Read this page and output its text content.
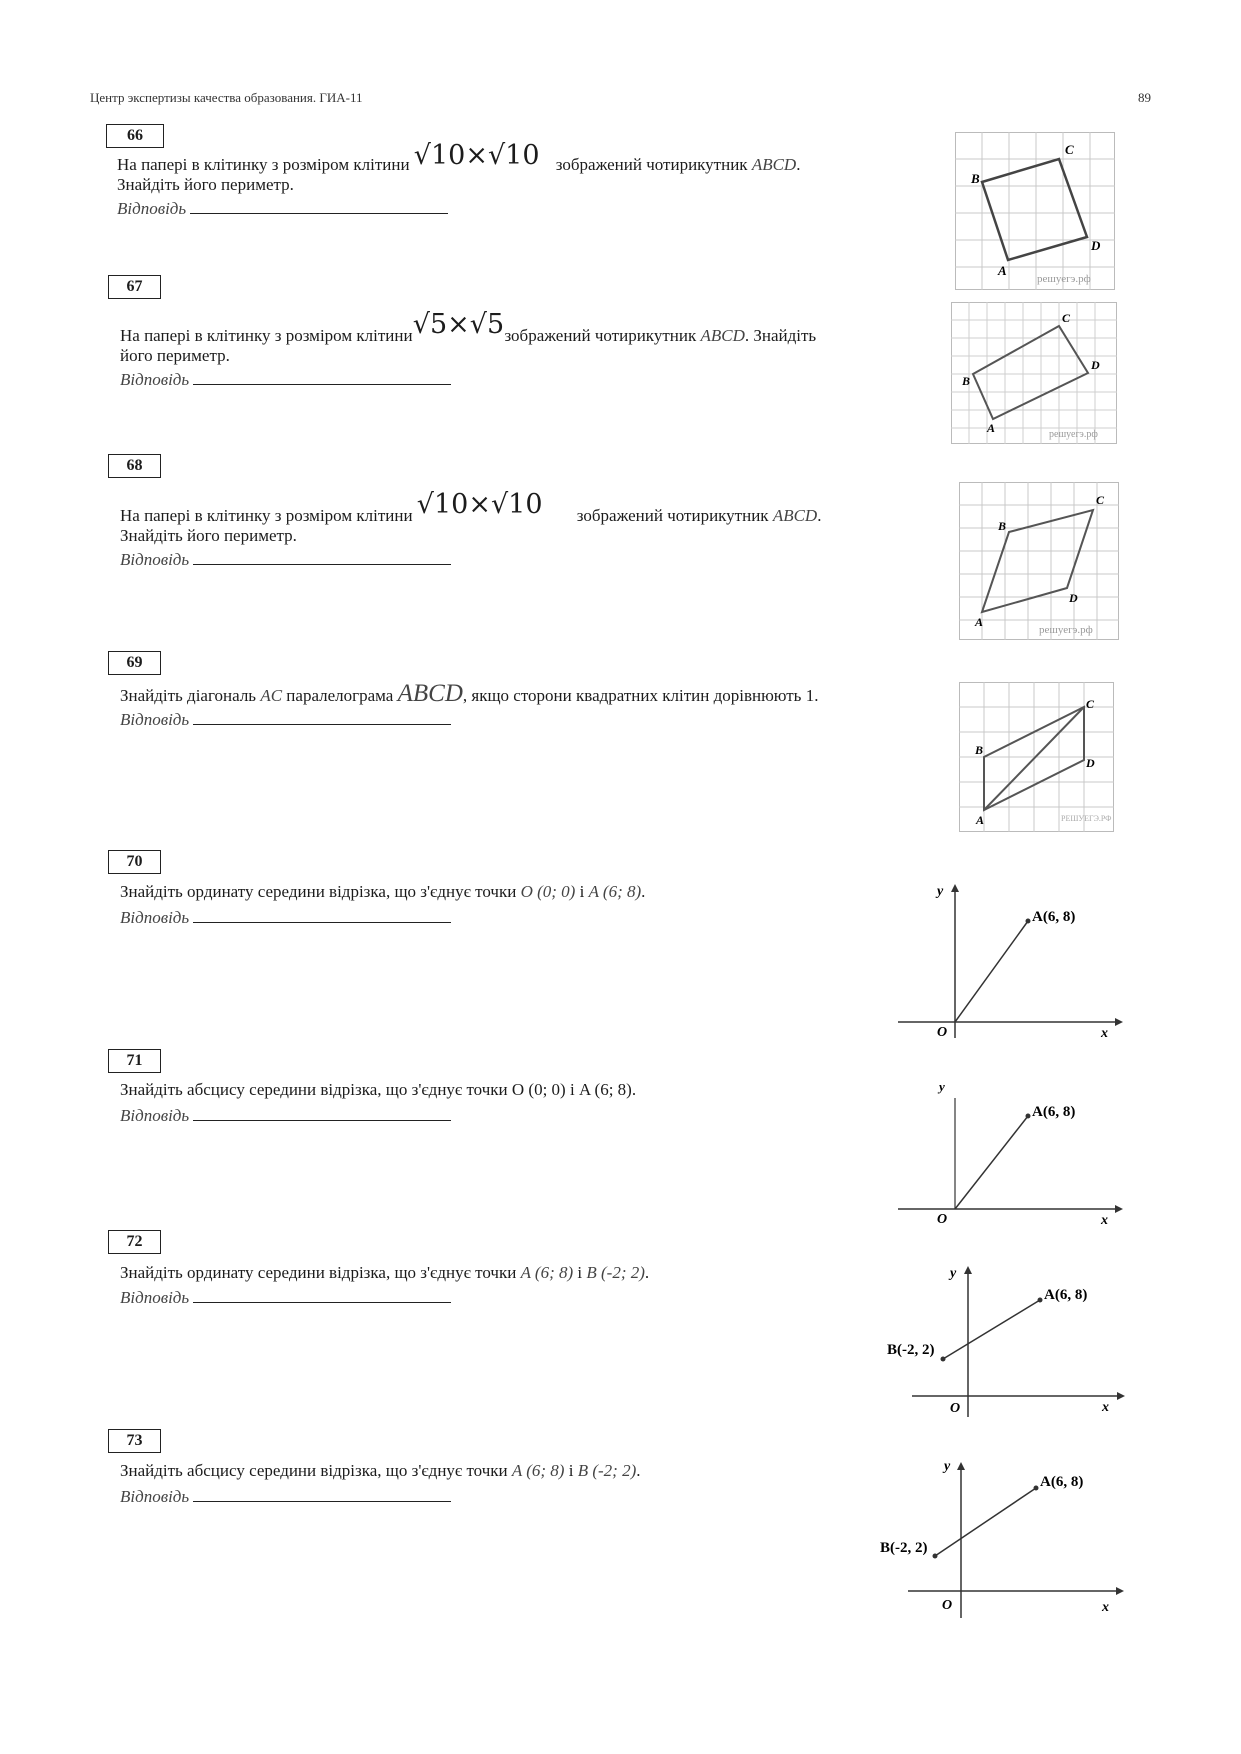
Центр экспертизы качества образования. ГИА-11	89
66
На папері в клітинку з розміром клітини √10×√10 зображений чотирикутник ABCD.
Знайдіть його периметр.
Відповідь
A
B
C
D
решуегэ.рф
67
На папері в клітинку з розміром клітини √5×√5 зображений чотирикутник ABCD. Знайдіть
його периметр.
Відповідь
A
B
C
D
решуегэ.рф
68
На папері в клітинку з розміром клітини √10×√10 зображений чотирикутник ABCD.
Знайдіть його периметр.
Відповідь
A
B
C
D
решуегэ.рф
69
Знайдіть діагональ AC паралелограма ABCD, якщо сторони квадратних клітин дорівнюють 1.
Відповідь
A
B
C
D
РЕШУЕГЭ.РФ
70
Знайдіть ординату середини відрізка, що з'єднує точки O (0; 0) і A (6; 8).
Відповідь
y
x
O
A(6, 8)
71
Знайдіть абсцису середини відрізка, що з'єднує точки O (0; 0) і A (6; 8).
Відповідь
y
x
O
A(6, 8)
72
Знайдіть ординату середини відрізка, що з'єднує точки A (6; 8) і B (-2; 2).
Відповідь
y
x
O
A(6, 8)
B(-2, 2)
73
Знайдіть абсцису середини відрізка, що з'єднує точки A (6; 8) і B (-2; 2).
Відповідь
y
x
O
A(6, 8)
B(-2, 2)
